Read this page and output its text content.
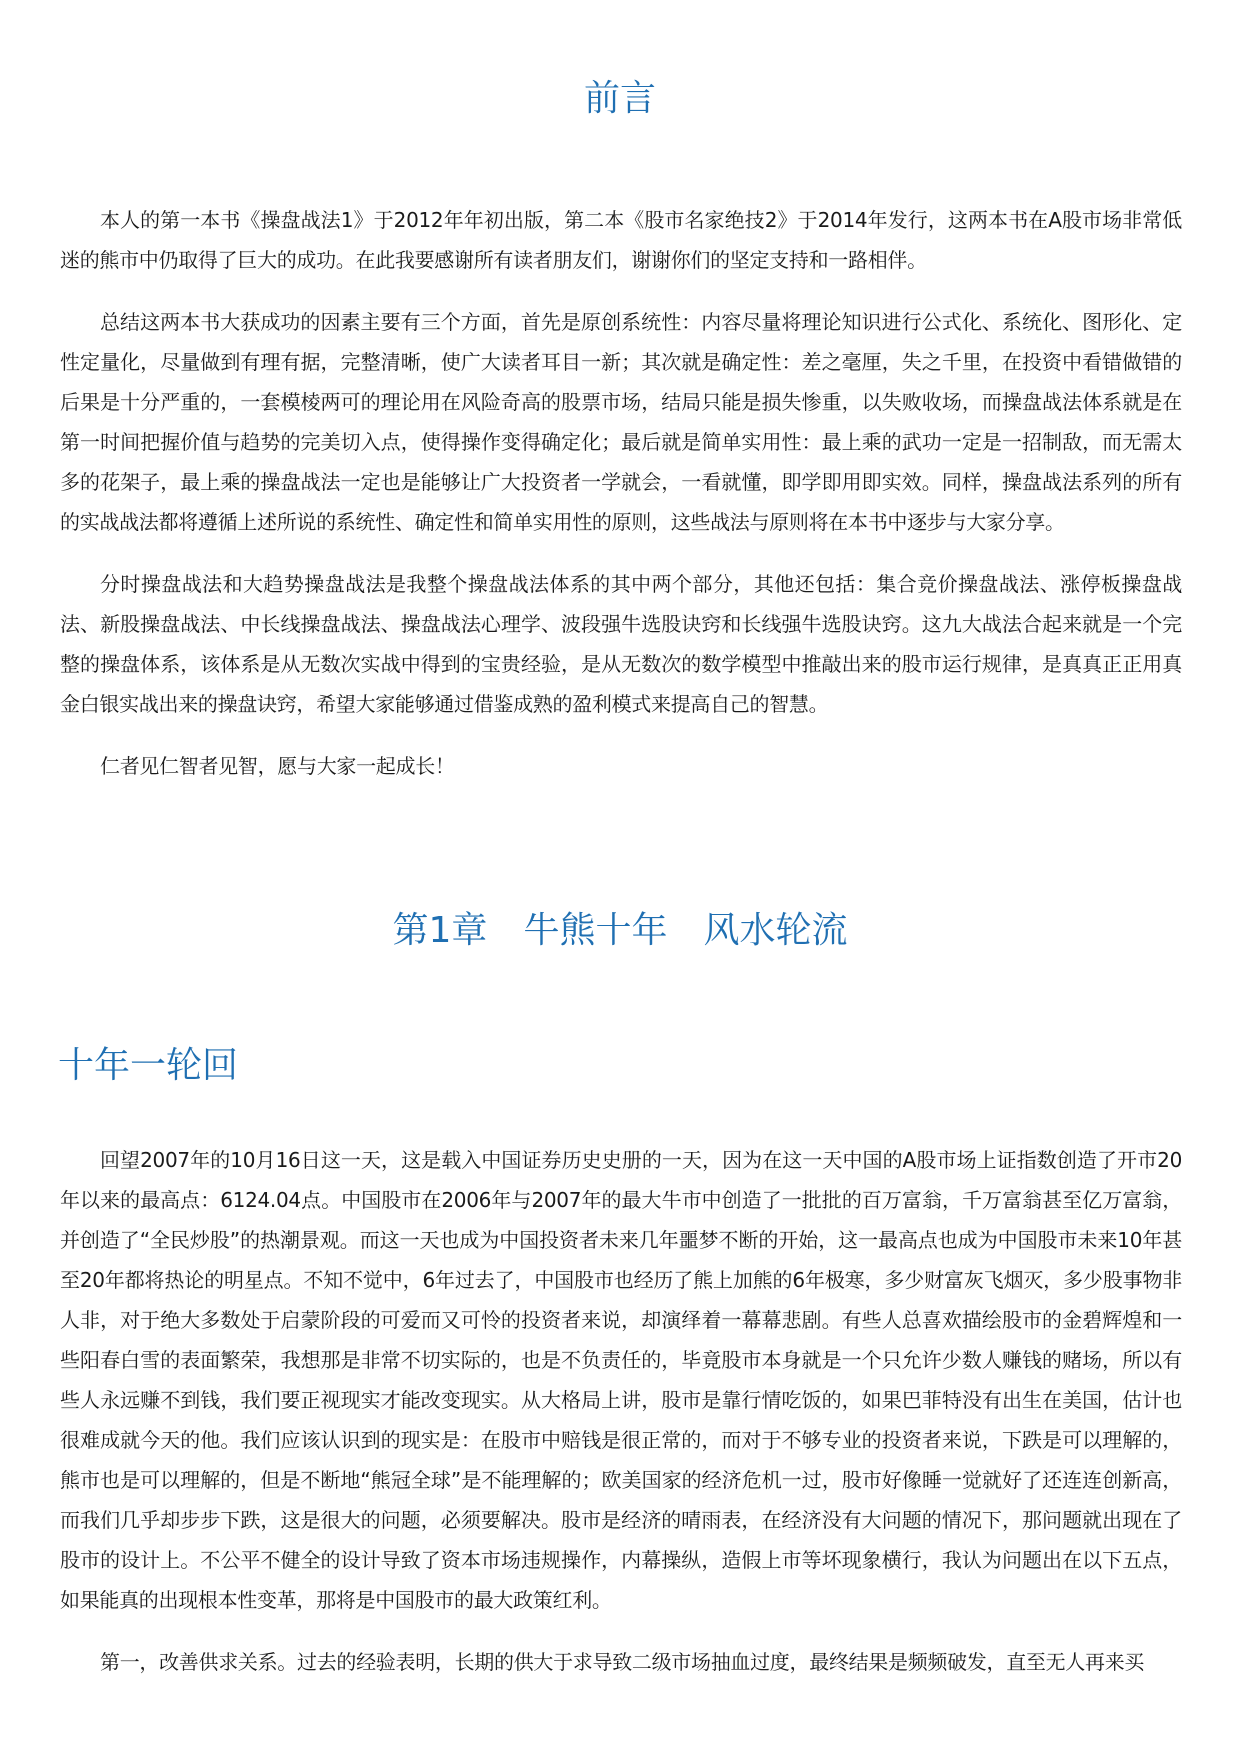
前言

本人的第一本书《操盘战法1》于2012年年初出版，第二本《股市名家绝技2》于2014年发行，这两本书在A股市场非常低迷的熊市中仍取得了巨大的成功。在此我要感谢所有读者朋友们，谢谢你们的坚定支持和一路相伴。

总结这两本书大获成功的因素主要有三个方面，首先是原创系统性：内容尽量将理论知识进行公式化、系统化、图形化、定性定量化，尽量做到有理有据，完整清晰，使广大读者耳目一新；其次就是确定性：差之毫厘，失之千里，在投资中看错做错的后果是十分严重的，一套模棱两可的理论用在风险奇高的股票市场，结局只能是损失惨重，以失败收场，而操盘战法体系就是在第一时间把握价值与趋势的完美切入点，使得操作变得确定化；最后就是简单实用性：最上乘的武功一定是一招制敌，而无需太多的花架子，最上乘的操盘战法一定也是能够让广大投资者一学就会，一看就懂，即学即用即实效。同样，操盘战法系列的所有的实战战法都将遵循上述所说的系统性、确定性和简单实用性的原则，这些战法与原则将在本书中逐步与大家分享。

分时操盘战法和大趋势操盘战法是我整个操盘战法体系的其中两个部分，其他还包括：集合竞价操盘战法、涨停板操盘战法、新股操盘战法、中长线操盘战法、操盘战法心理学、波段强牛选股诀窍和长线强牛选股诀窍。这九大战法合起来就是一个完整的操盘体系，该体系是从无数次实战中得到的宝贵经验，是从无数次的数学模型中推敲出来的股市运行规律，是真真正正用真金白银实战出来的操盘诀窍，希望大家能够通过借鉴成熟的盈利模式来提高自己的智慧。

仁者见仁智者见智，愿与大家一起成长！

第1章 牛熊十年 风水轮流
十年一轮回

回望2007年的10月16日这一天，这是载入中国证券历史史册的一天，因为在这一天中国的A股市场上证指数创造了开市20年以来的最高点：6124.04点。中国股市在2006年与2007年的最大牛市中创造了一批批的百万富翁，千万富翁甚至亿万富翁，并创造了“全民炒股”的热潮景观。而这一天也成为中国投资者未来几年噩梦不断的开始，这一最高点也成为中国股市未来10年甚至20年都将热论的明星点。不知不觉中，6年过去了，中国股市也经历了熊上加熊的6年极寒，多少财富灰飞烟灭，多少股事物非人非，对于绝大多数处于启蒙阶段的可爱而又可怜的投资者来说，却演绎着一幕幕悲剧。有些人总喜欢描绘股市的金碧辉煌和一些阳春白雪的表面繁荣，我想那是非常不切实际的，也是不负责任的，毕竟股市本身就是一个只允许少数人赚钱的赌场，所以有些人永远赚不到钱，我们要正视现实才能改变现实。从大格局上讲，股市是靠行情吃饭的，如果巴菲特没有出生在美国，估计也很难成就今天的他。我们应该认识到的现实是：在股市中赔钱是很正常的，而对于不够专业的投资者来说，下跌是可以理解的，熊市也是可以理解的，但是不断地“熊冠全球”是不能理解的；欧美国家的经济危机一过，股市好像睡一觉就好了还连连创新高，而我们几乎却步步下跌，这是很大的问题，必须要解决。股市是经济的晴雨表，在经济没有大问题的情况下，那问题就出现在了股市的设计上。不公平不健全的设计导致了资本市场违规操作，内幕操纵，造假上市等坏现象横行，我认为问题出在以下五点，如果能真的出现根本性变革，那将是中国股市的最大政策红利。

第一，改善供求关系。过去的经验表明，长期的供大于求导致二级市场抽血过度，最终结果是频频破发，直至无人再来买
